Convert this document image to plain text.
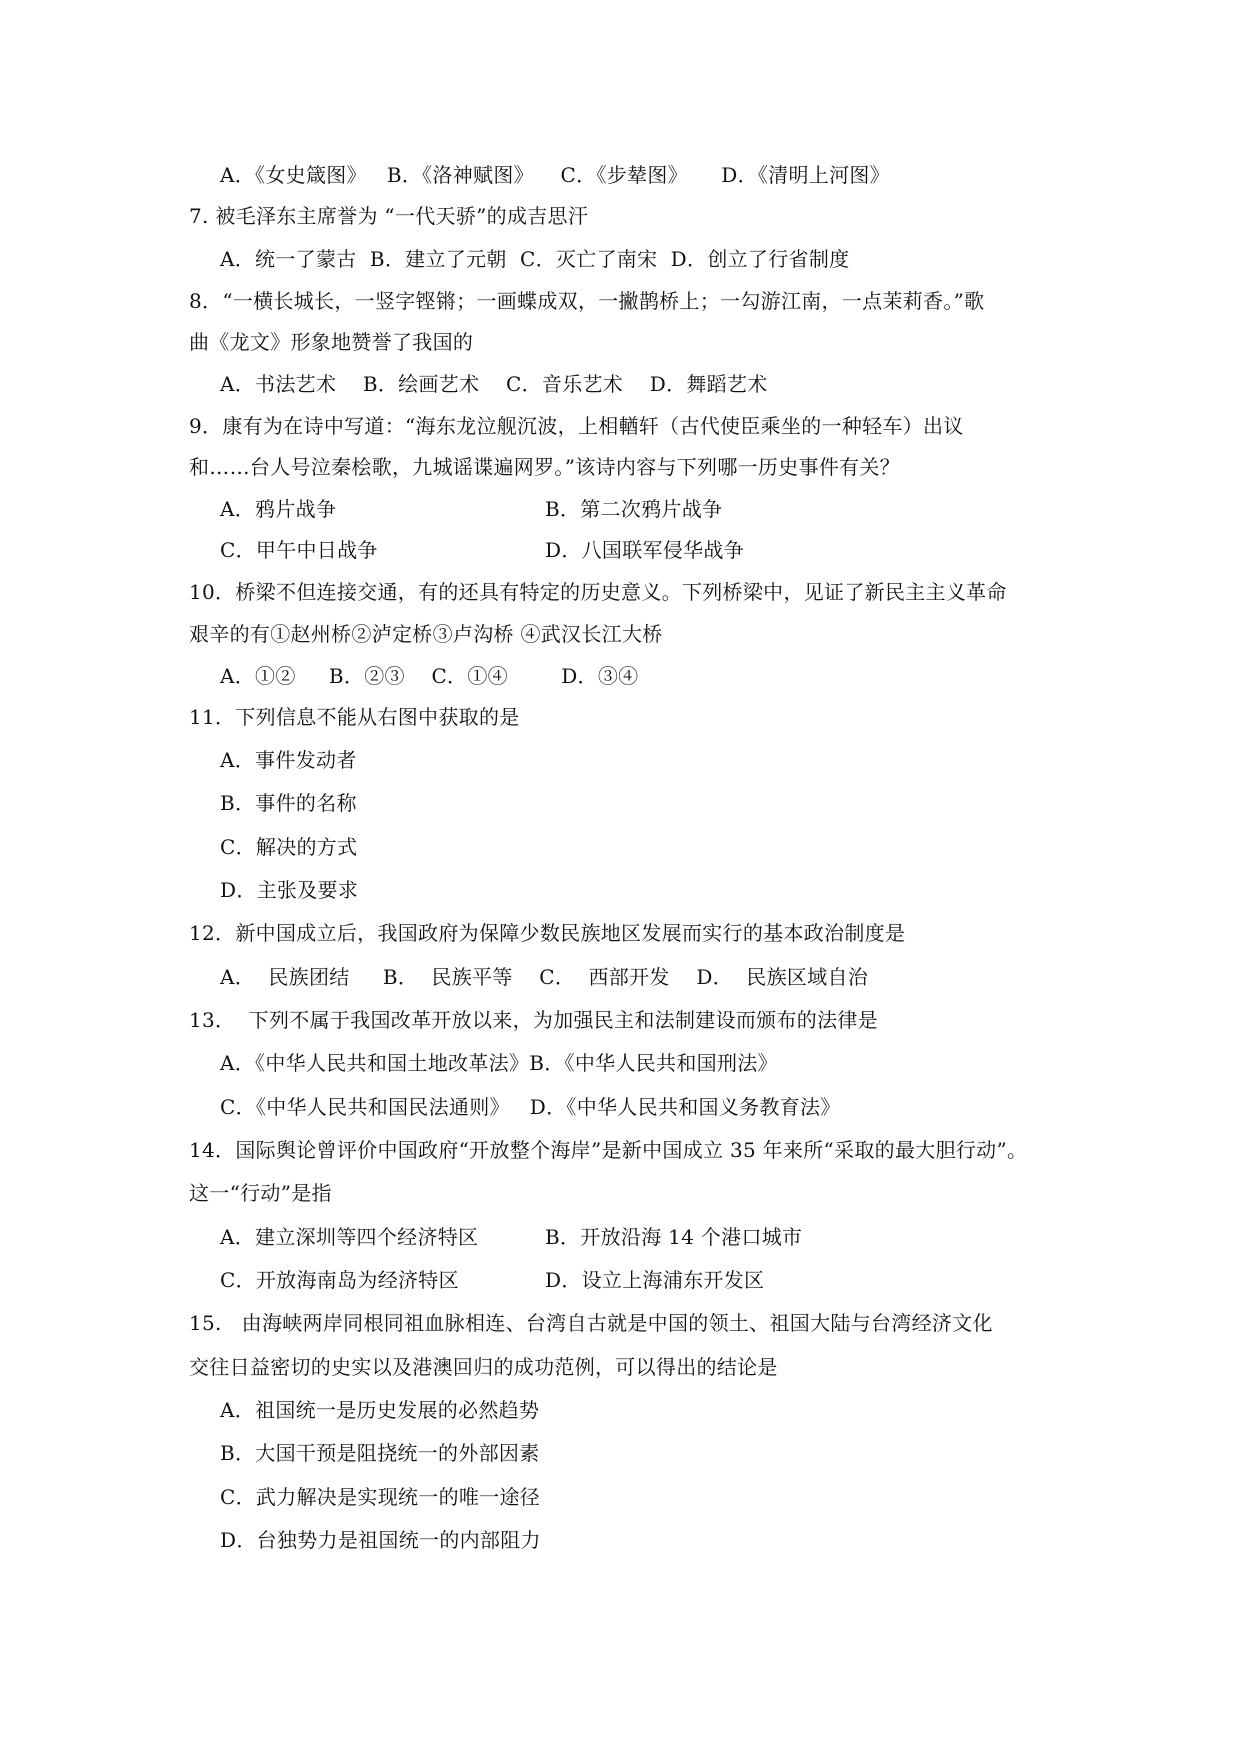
A．《女史箴图》   B．《洛神赋图》    C．《步辇图》     D．《清明上河图》
7. 被毛泽东主席誉为 “一代天骄”的成吉思汗
A．统一了蒙古  B．建立了元朝  C．灭亡了南宋  D．创立了行省制度
8．“一横长城长，一竖字铿锵；一画蝶成双，一撇鹊桥上；一勾游江南，一点茉莉香。”歌
曲《龙文》形象地赞誉了我国的
A．书法艺术    B．绘画艺术    C．音乐艺术    D．舞蹈艺术
9．康有为在诗中写道：“海东龙泣舰沉波，上相輶轩（古代使臣乘坐的一种轻车）出议
和……台人号泣秦桧歌，九城谣谍遍网罗。”该诗内容与下列哪一历史事件有关？
A．鸦片战争	B．第二次鸦片战争
C．甲午中日战争	D．八国联军侵华战争
10．桥梁不但连接交通，有的还具有特定的历史意义。下列桥梁中，见证了新民主主义革命
艰辛的有①赵州桥②泸定桥③卢沟桥 ④武汉长江大桥
A．①②     B．②③    C．①④        D．③④
11．下列信息不能从右图中获取的是
A．事件发动者
B．事件的名称
C．解决的方式
D．主张及要求
12．新中国成立后，我国政府为保障少数民族地区发展而实行的基本政治制度是
A．  民族团结     B．  民族平等    C．  西部开发    D．  民族区域自治
13．  下列不属于我国改革开放以来，为加强民主和法制建设而颁布的法律是
A．《中华人民共和国土地改革法》B．《中华人民共和国刑法》
C．《中华人民共和国民法通则》   D．《中华人民共和国义务教育法》
14．国际舆论曾评价中国政府“开放整个海岸”是新中国成立 35 年来所“采取的最大胆行动”。
这一“行动”是指
A．建立深圳等四个经济特区	B．开放沿海 14 个港口城市
C．开放海南岛为经济特区	D．设立上海浦东开发区
15.   由海峡两岸同根同祖血脉相连、台湾自古就是中国的领土、祖国大陆与台湾经济文化
交往日益密切的史实以及港澳回归的成功范例，可以得出的结论是
A．祖国统一是历史发展的必然趋势
B．大国干预是阻挠统一的外部因素
C．武力解决是实现统一的唯一途径
D．台独势力是祖国统一的内部阻力
